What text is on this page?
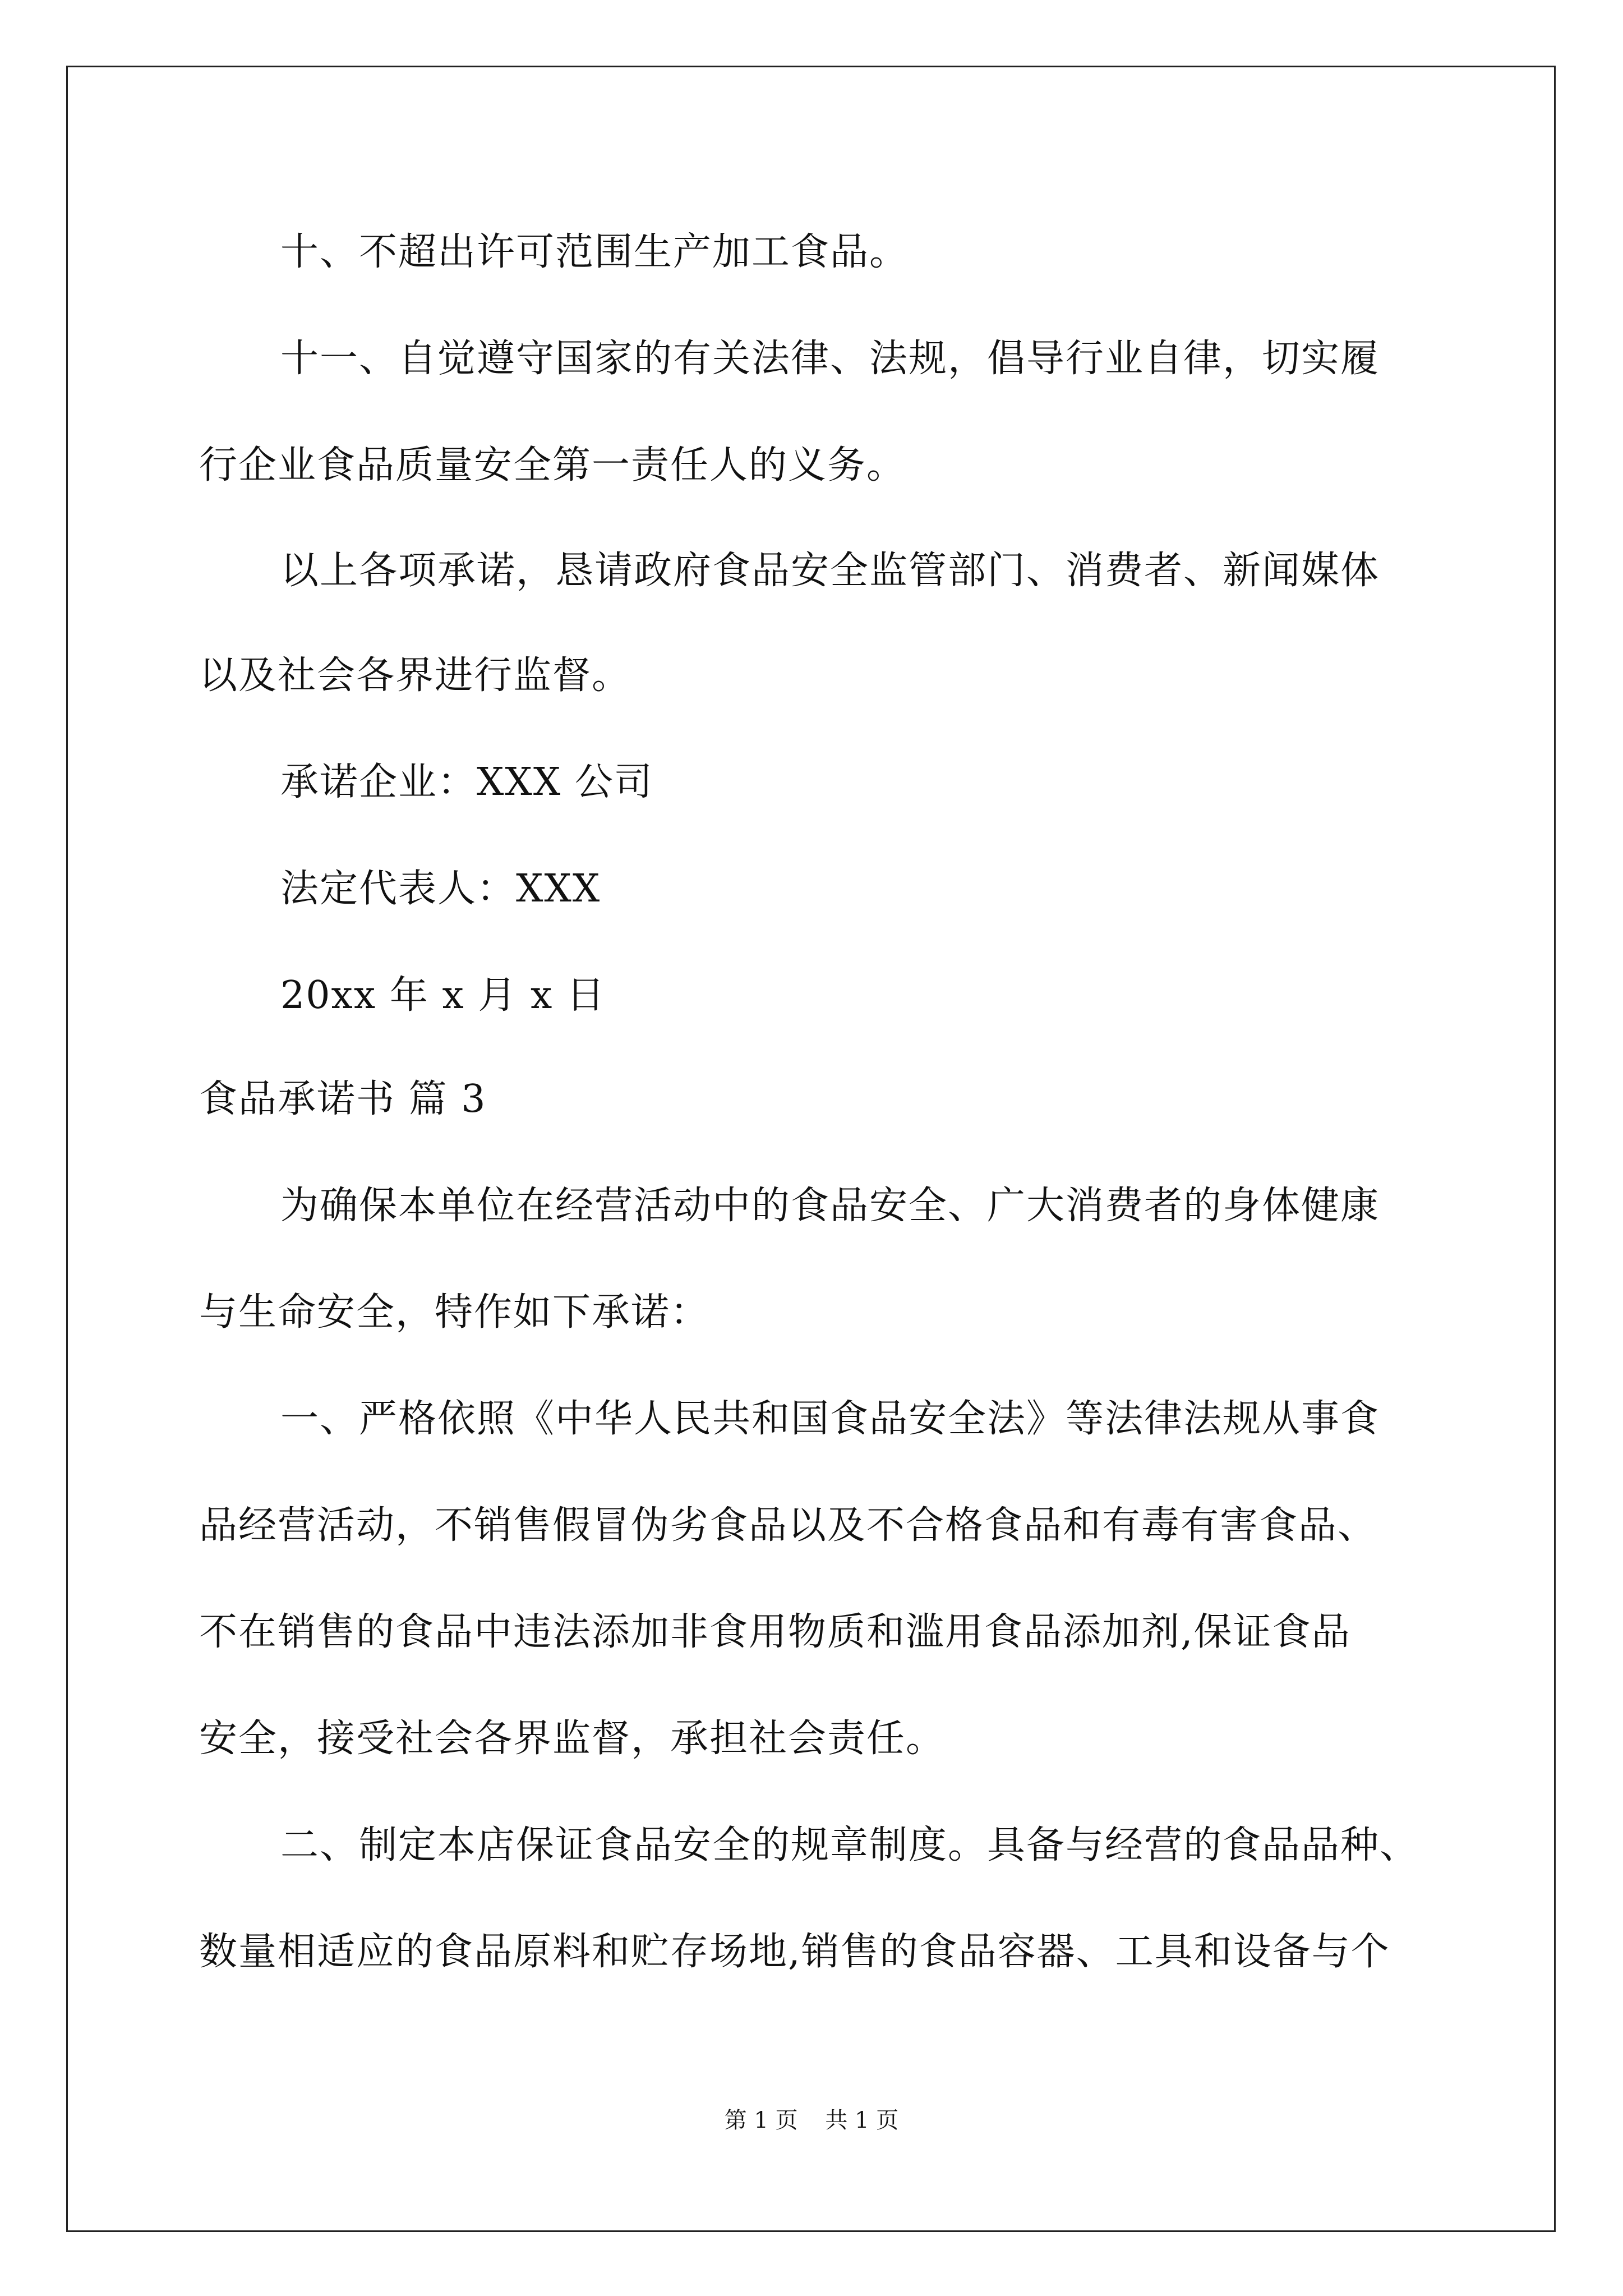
十、不超出许可范围生产加工食品。
十一、自觉遵守国家的有关法律、法规，倡导行业自律，切实履
行企业食品质量安全第一责任人的义务。
以上各项承诺，恳请政府食品安全监管部门、消费者、新闻媒体
以及社会各界进行监督。
承诺企业：XXX 公司
法定代表人：XXX
20xx 年 x 月 x 日
食品承诺书 篇 3
为确保本单位在经营活动中的食品安全、广大消费者的身体健康
与生命安全，特作如下承诺：
一、严格依照《中华人民共和国食品安全法》等法律法规从事食
品经营活动，不销售假冒伪劣食品以及不合格食品和有毒有害食品、
不在销售的食品中违法添加非食用物质和滥用食品添加剂,保证食品
安全，接受社会各界监督，承担社会责任。
二、制定本店保证食品安全的规章制度。具备与经营的食品品种、
数量相适应的食品原料和贮存场地,销售的食品容器、工具和设备与个
第 1 页 共 1 页
